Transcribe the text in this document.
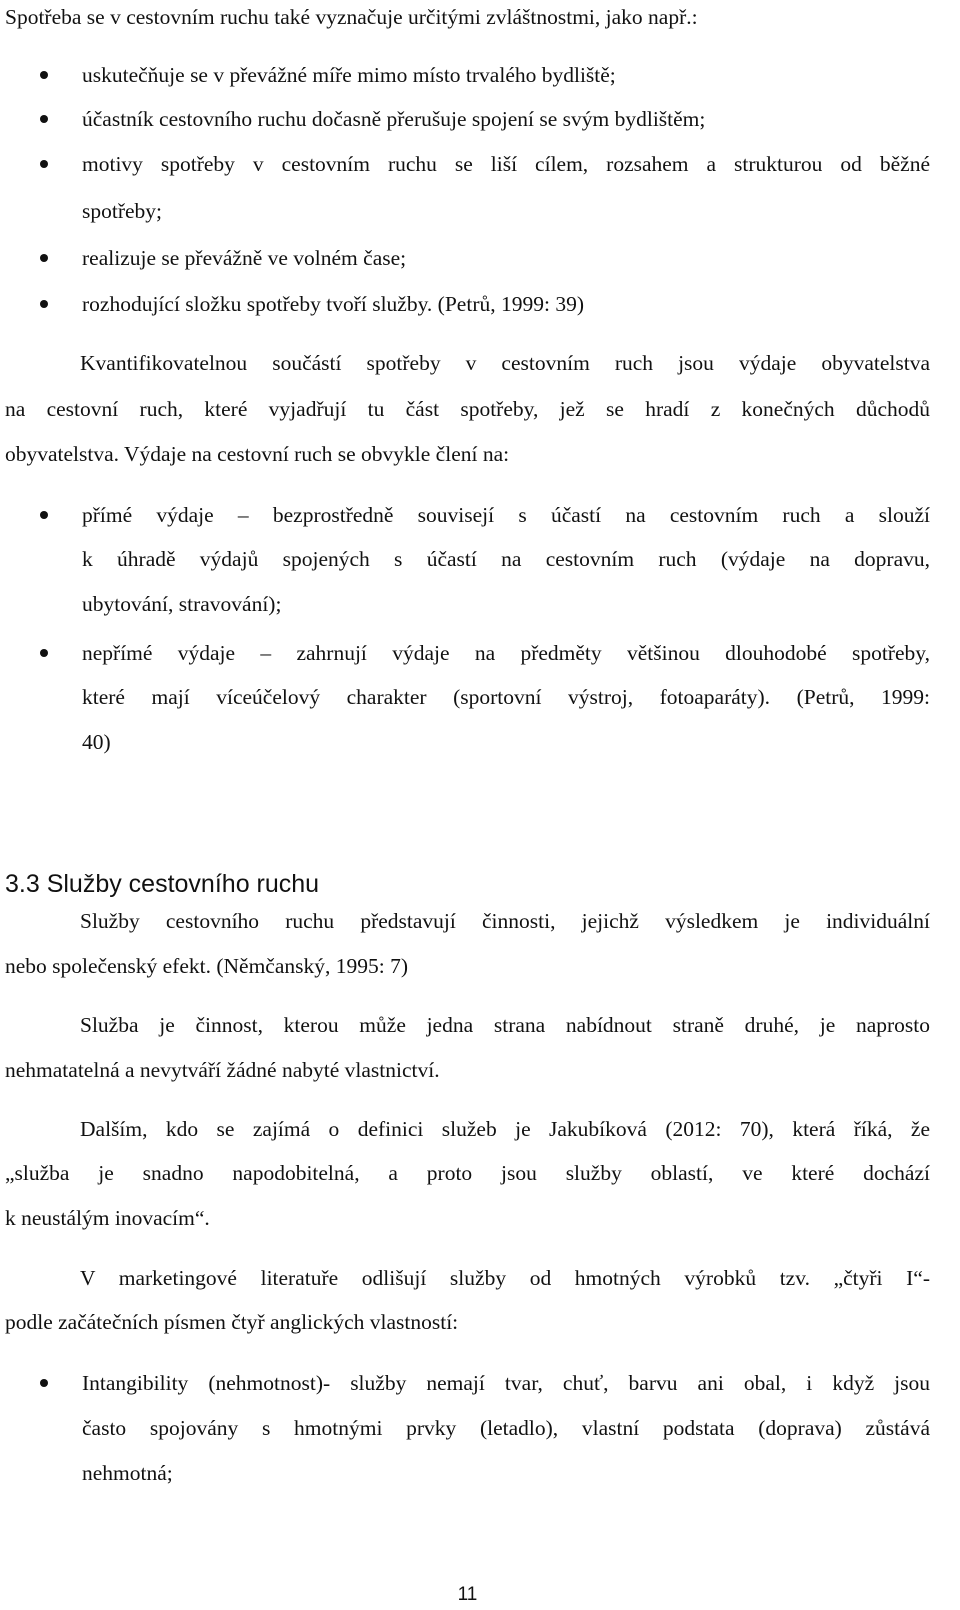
Spotřeba se v cestovním ruchu také vyznačuje určitými zvláštnostmi, jako např.:
uskutečňuje se v převážné míře mimo místo trvalého bydliště;
účastník cestovního ruchu dočasně přerušuje spojení se svým bydlištěm;
motivy spotřeby v cestovním ruchu se liší cílem, rozsahem a strukturou od běžné
spotřeby;
realizuje se převážně ve volném čase;
rozhodující složku spotřeby tvoří služby. (Petrů, 1999: 39)
Kvantifikovatelnou součástí spotřeby v cestovním ruch jsou výdaje obyvatelstva
na cestovní ruch, které vyjadřují tu část spotřeby, jež se hradí z konečných důchodů
obyvatelstva. Výdaje na cestovní ruch se obvykle člení na:
přímé výdaje – bezprostředně souvisejí s účastí na cestovním ruch a slouží
k úhradě výdajů spojených s účastí na cestovním ruch (výdaje na dopravu,
ubytování, stravování);
nepřímé výdaje – zahrnují výdaje na předměty většinou dlouhodobé spotřeby,
které mají víceúčelový charakter (sportovní výstroj, fotoaparáty). (Petrů, 1999:
40)
3.3 Služby cestovního ruchu
Služby cestovního ruchu představují činnosti, jejichž výsledkem je individuální
nebo společenský efekt. (Němčanský, 1995: 7)
Služba je činnost, kterou může jedna strana nabídnout straně druhé, je naprosto
nehmatatelná a nevytváří žádné nabyté vlastnictví.
Dalším, kdo se zajímá o definici služeb je Jakubíková (2012: 70), která říká, že
„služba je snadno napodobitelná, a proto jsou služby oblastí, ve které dochází
k neustálým inovacím“.
V marketingové literatuře odlišují služby od hmotných výrobků tzv. „čtyři I“-
podle začátečních písmen čtyř anglických vlastností:
Intangibility (nehmotnost)- služby nemají tvar, chuť, barvu ani obal, i když jsou
často spojovány s hmotnými prvky (letadlo), vlastní podstata (doprava) zůstává
nehmotná;
11
